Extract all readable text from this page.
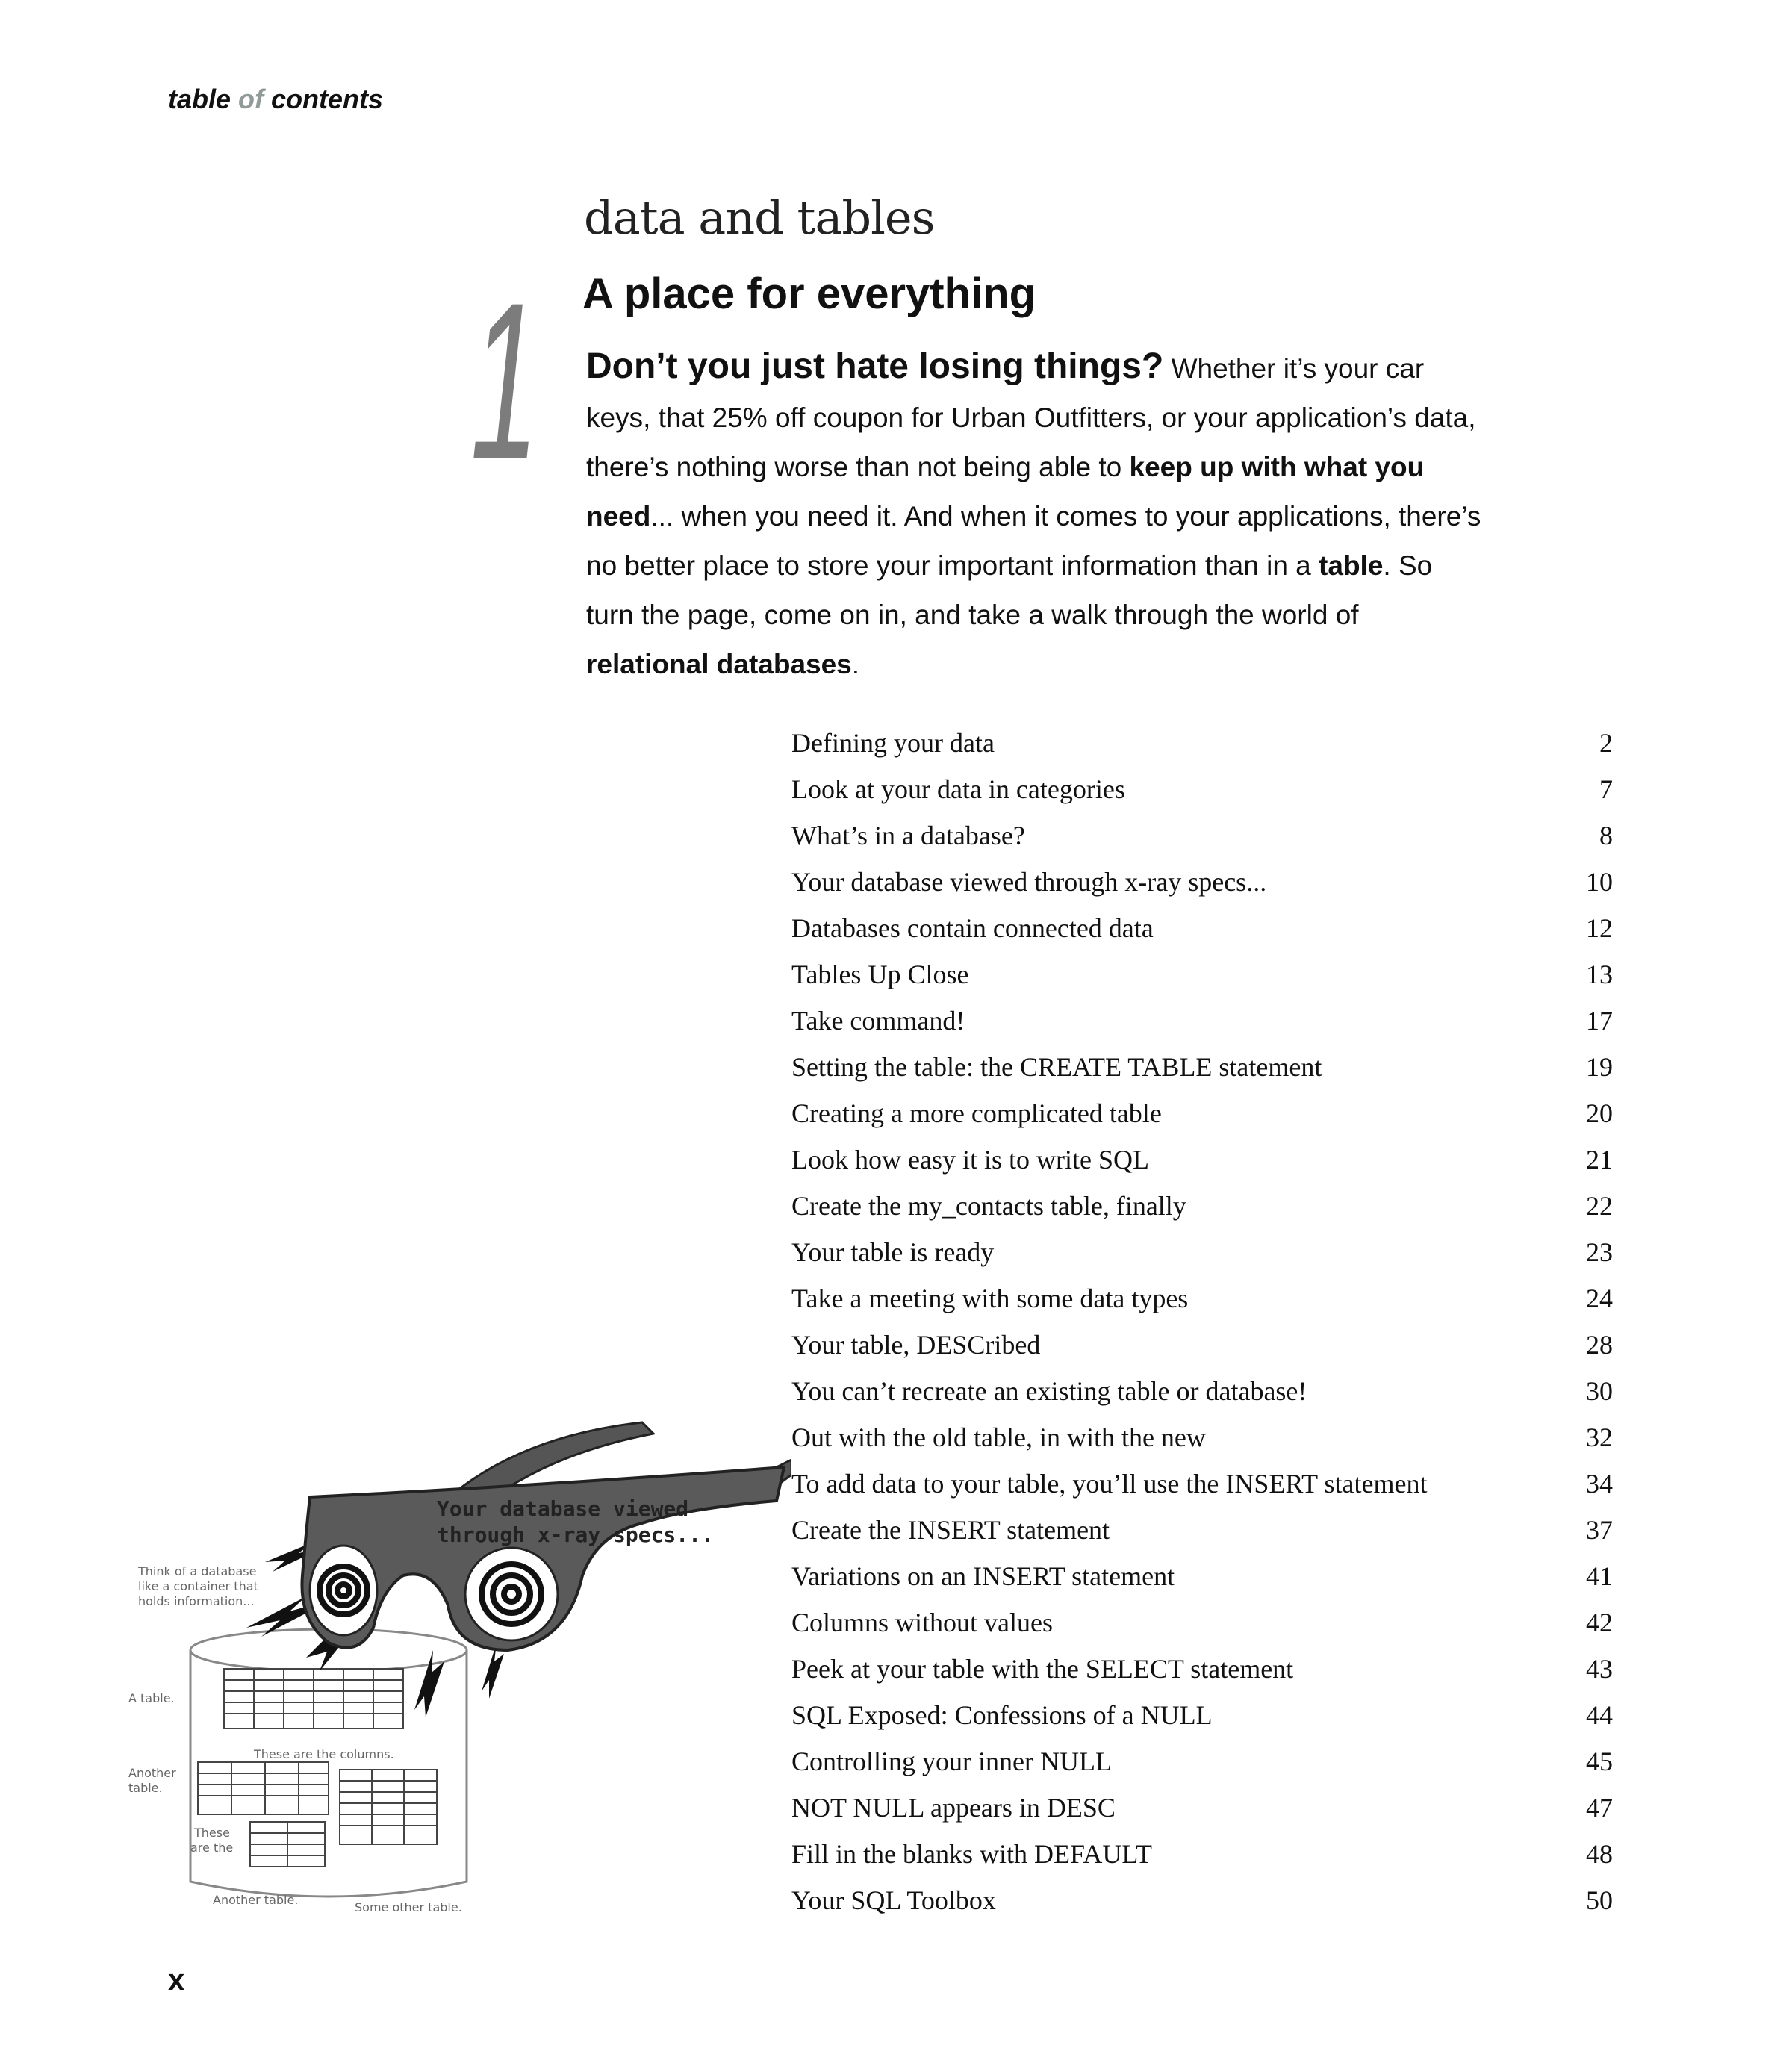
table of contents
1
data and tables
A place for everything
Don’t you just hate losing things? Whether it’s your car keys, that 25% off coupon for Urban Outfitters, or your application’s data, there’s nothing worse than not being able to keep up with what you need... when you need it. And when it comes to your applications, there’s no better place to store your important information than in a table. So turn the page, come on in, and take a walk through the world of relational databases.
Defining your data	2
Look at your data in categories	7
What’s in a database?	8
Your database viewed through x-ray specs...	10
Databases contain connected data	12
Tables Up Close	13
Take command!	17
Setting the table: the CREATE TABLE statement	19
Creating a more complicated table	20
Look how easy it is to write SQL	21
Create the my_contacts table, finally	22
Your table is ready	23
Take a meeting with some data types	24
Your table, DESCribed	28
You can’t recreate an existing table or database!	30
Out with the old table, in with the new	32
To add data to your table, you’ll use the INSERT statement	34
Create the INSERT statement	37
Variations on an INSERT statement	41
Columns without values	42
Peek at your table with the SELECT statement	43
SQL Exposed: Confessions of a NULL	44
Controlling your inner NULL	45
NOT NULL appears in DESC	47
Fill in the blanks with DEFAULT	48
Your SQL Toolbox	50
Your database viewed
through x-ray specs...
Think of a database
like a container that
holds information...
A table.
These are the columns.
Another
table.
These
are the
Another table.
Some other table.
x
